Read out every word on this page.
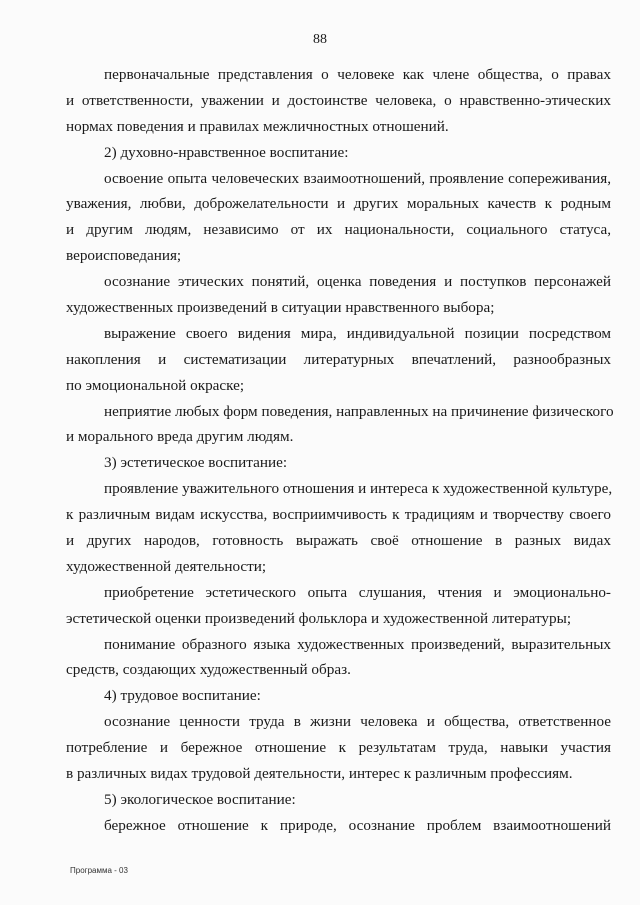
88
первоначальные представления о человеке как члене общества, о правах
и ответственности, уважении и достоинстве человека, о нравственно-этических
нормах поведения и правилах межличностных отношений.
2) духовно-нравственное воспитание:
освоение опыта человеческих взаимоотношений, проявление сопереживания,
уважения, любви, доброжелательности и других моральных качеств к родным
и другим людям, независимо от их национальности, социального статуса,
вероисповедания;
осознание этических понятий, оценка поведения и поступков персонажей
художественных произведений в ситуации нравственного выбора;
выражение своего видения мира, индивидуальной позиции посредством
накопления и систематизации литературных впечатлений, разнообразных
по эмоциональной окраске;
неприятие любых форм поведения, направленных на причинение физического
и морального вреда другим людям.
3) эстетическое воспитание:
проявление уважительного отношения и интереса к художественной культуре,
к различным видам искусства, восприимчивость к традициям и творчеству своего
и других народов, готовность выражать своё отношение в разных видах
художественной деятельности;
приобретение эстетического опыта слушания, чтения и эмоционально-
эстетической оценки произведений фольклора и художественной литературы;
понимание образного языка художественных произведений, выразительных
средств, создающих художественный образ.
4) трудовое воспитание:
осознание ценности труда в жизни человека и общества, ответственное
потребление и бережное отношение к результатам труда, навыки участия
в различных видах трудовой деятельности, интерес к различным профессиям.
5) экологическое воспитание:
бережное отношение к природе, осознание проблем взаимоотношений
Программа - 03
